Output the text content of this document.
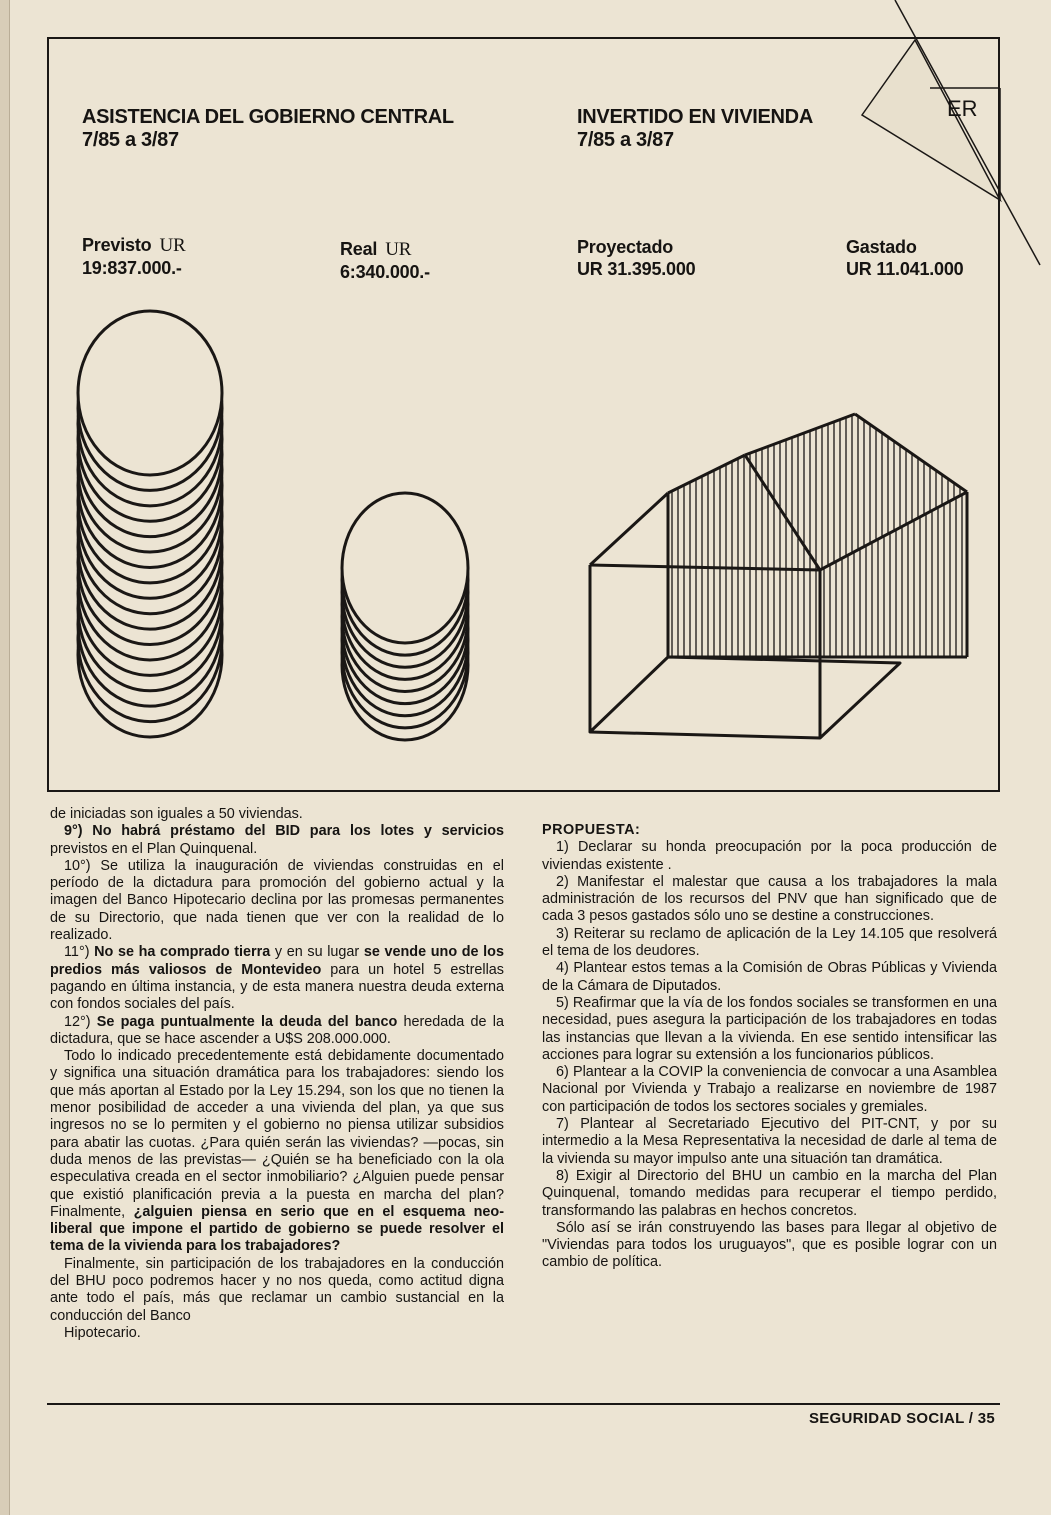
ASISTENCIA DEL GOBIERNO CENTRAL
7/85 a 3/87
INVERTIDO EN VIVIENDA
7/85 a 3/87
Previsto UR
19:837.000.-
Real UR
6:340.000.-
Proyectado
UR 31.395.000
Gastado
UR 11.041.000
ER

de iniciadas son iguales a 50 viviendas.

9°) No habrá préstamo del BID para los lotes y servicios previstos en el Plan Quinquenal.

10°) Se utiliza la inauguración de viviendas construidas en el período de la dictadura para promoción del gobierno actual y la imagen del Banco Hipotecario declina por las promesas permanentes de su Directorio, que nada tienen que ver con la realidad de lo realizado.

11°) No se ha comprado tierra y en su lugar se vende uno de los predios más valiosos de Montevideo para un hotel 5 estrellas pagando en última instancia, y de esta manera nuestra deuda externa con fondos sociales del país.

12°) Se paga puntualmente la deuda del banco heredada de la dictadura, que se hace ascender a U$S 208.000.000.

Todo lo indicado precedentemente está debidamente documentado y significa una situación dramática para los trabajadores: siendo los que más aportan al Estado por la Ley 15.294, son los que no tienen la menor posibilidad de acceder a una vivienda del plan, ya que sus ingresos no se lo permiten y el gobierno no piensa utilizar subsidios para abatir las cuotas. ¿Para quién serán las viviendas? —pocas, sin duda menos de las previstas— ¿Quién se ha beneficiado con la ola especulativa creada en el sector inmobiliario? ¿Alguien puede pensar que existió planificación previa a la puesta en marcha del plan? Finalmente, ¿alguien piensa en serio que en el esquema neo-liberal que impone el partido de gobierno se puede resolver el tema de la vivienda para los trabajadores?

Finalmente, sin participación de los trabajadores en la conducción del BHU poco podremos hacer y no nos queda, como actitud digna ante todo el país, más que reclamar un cambio sustancial en la conducción del Banco

Hipotecario.

PROPUESTA:

1) Declarar su honda preocupación por la poca producción de viviendas existente .

2) Manifestar el malestar que causa a los trabajadores la mala administración de los recursos del PNV que han significado que de cada 3 pesos gastados sólo uno se destine a construcciones.

3) Reiterar su reclamo de aplicación de la Ley 14.105 que resolverá el tema de los deudores.

4) Plantear estos temas a la Comisión de Obras Públicas y Vivienda de la Cámara de Diputados.

5) Reafirmar que la vía de los fondos sociales se transformen en una necesidad, pues asegura la participación de los trabajadores en todas las instancias que llevan a la vivienda. En ese sentido intensificar las acciones para lograr su extensión a los funcionarios públicos.

6) Plantear a la COVIP la conveniencia de convocar a una Asamblea Nacional por Vivienda y Trabajo a realizarse en noviembre de 1987 con participación de todos los sectores sociales y gremiales.

7) Plantear al Secretariado Ejecutivo del PIT-CNT, y por su intermedio a la Mesa Representativa la necesidad de darle al tema de la vivienda su mayor impulso ante una situación tan dramática.

8) Exigir al Directorio del BHU un cambio en la marcha del Plan Quinquenal, tomando medidas para recuperar el tiempo perdido, transformando las palabras en hechos concretos.

Sólo así se irán construyendo las bases para llegar al objetivo de "Viviendas para todos los uruguayos", que es posible lograr con un cambio de política.

SEGURIDAD SOCIAL / 35
